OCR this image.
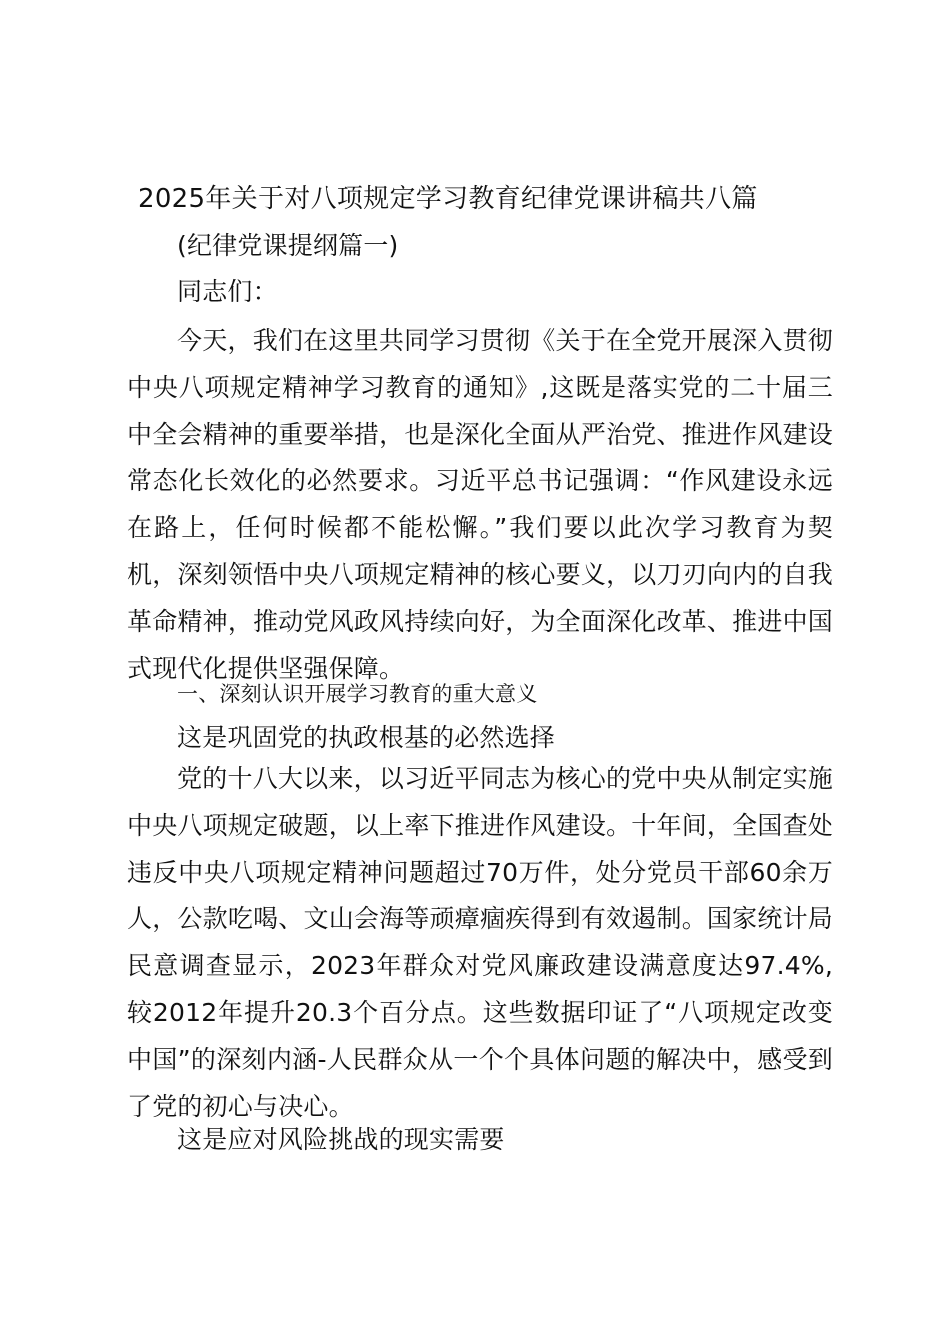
2025年关于对八项规定学习教育纪律党课讲稿共八篇
(纪律党课提纲篇一)
同志们：
今天，我们在这里共同学习贯彻《关于在全党开展深入贯彻中央八项规定精神学习教育的通知》,这既是落实党的二十届三中全会精神的重要举措，也是深化全面从严治党、推进作风建设常态化长效化的必然要求。习近平总书记强调：“作风建设永远在路上，任何时候都不能松懈。”我们要以此次学习教育为契机，深刻领悟中央八项规定精神的核心要义，以刀刃向内的自我革命精神，推动党风政风持续向好，为全面深化改革、推进中国式现代化提供坚强保障。
一、深刻认识开展学习教育的重大意义
这是巩固党的执政根基的必然选择
党的十八大以来，以习近平同志为核心的党中央从制定实施中央八项规定破题，以上率下推进作风建设。十年间，全国查处违反中央八项规定精神问题超过70万件，处分党员干部60余万人，公款吃喝、文山会海等顽瘴痼疾得到有效遏制。国家统计局民意调查显示，2023年群众对党风廉政建设满意度达97.4%,较2012年提升20.3个百分点。这些数据印证了“八项规定改变中国”的深刻内涵-人民群众从一个个具体问题的解决中，感受到了党的初心与决心。
这是应对风险挑战的现实需要
